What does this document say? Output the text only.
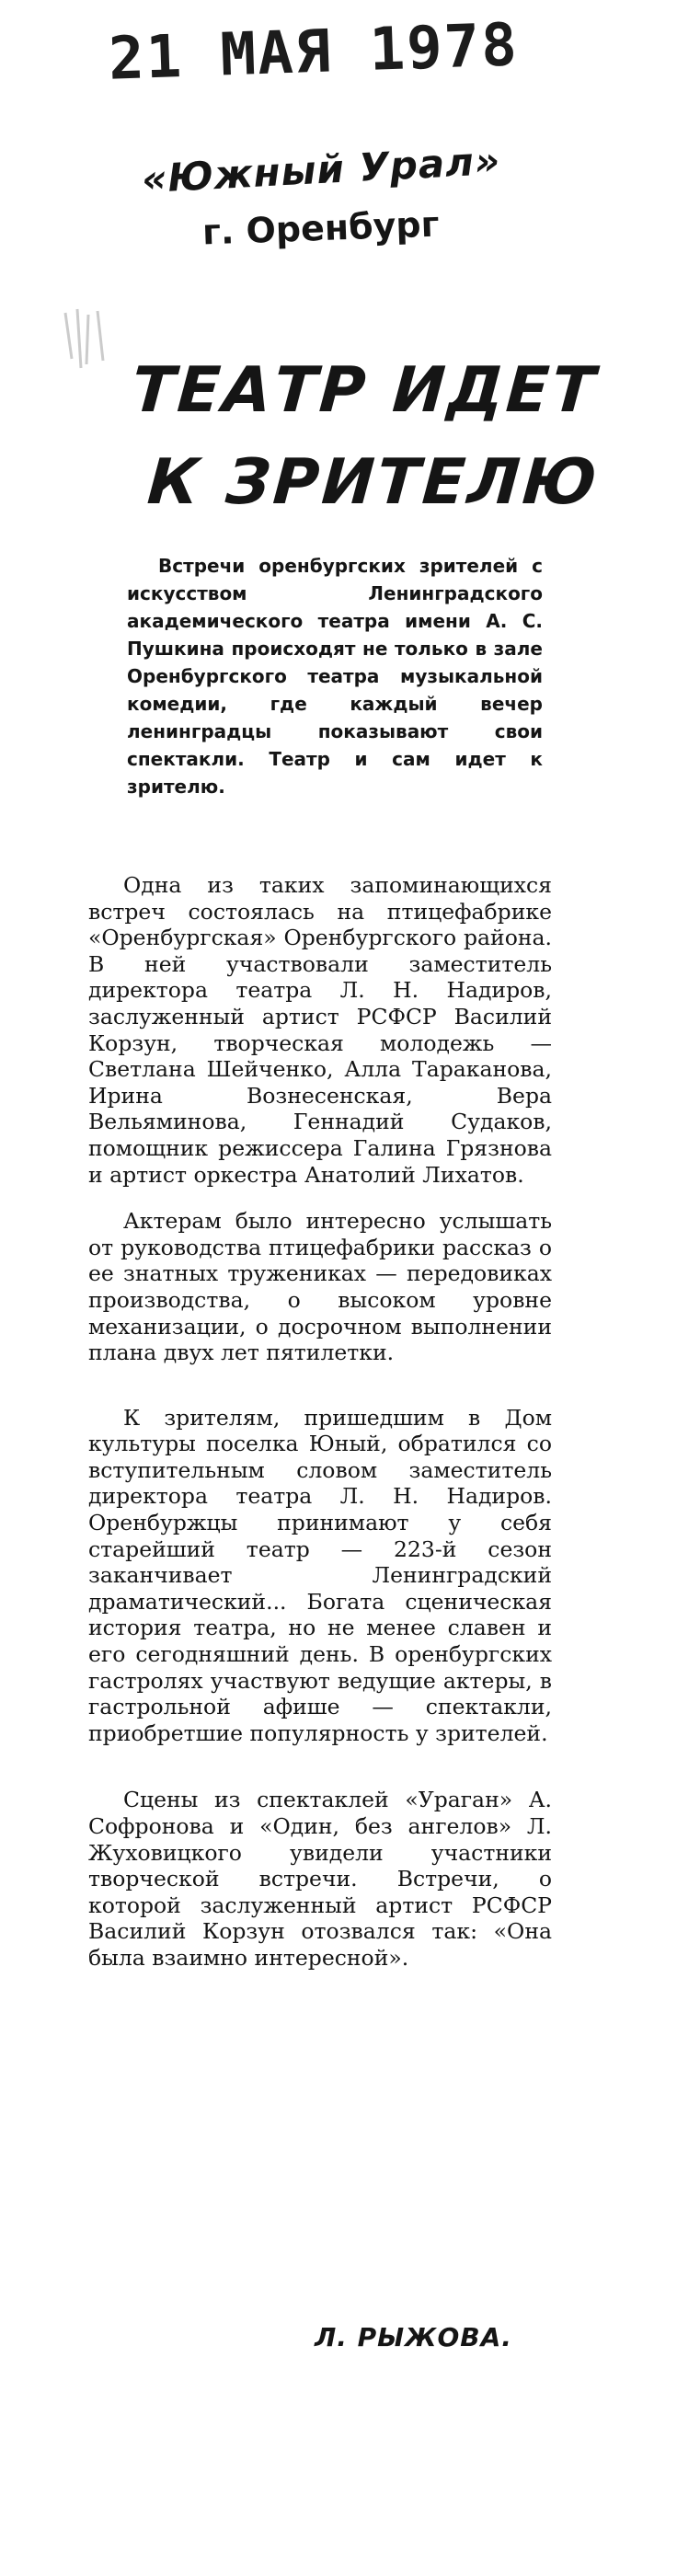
21 МАЯ 1978
«Южный Урал»
г. Оренбург
ТЕАТР ИДЕТ
К ЗРИТЕЛЮ

Встречи оренбургских зрителей с искусством Ленинградского академического театра имени А. С. Пушкина происходят не только в зале Оренбургского театра музыкальной комедии, где каждый вечер ленинградцы показывают свои спектакли. Театр и сам идет к зрителю.

Одна из таких запоминающихся встреч состоялась на птицефабрике «Оренбургская» Оренбургского района. В ней участвовали заместитель директора театра Л. Н. Надиров, заслуженный артист РСФСР Василий Корзун, творческая молодежь — Светлана Шейченко, Алла Тараканова, Ирина Вознесенская, Вера Вельяминова, Геннадий Судаков, помощник режиссера Галина Грязнова и артист оркестра Анатолий Лихатов.

Актерам было интересно услышать от руководства птицефабрики рассказ о ее знатных тружениках — передовиках производства, о высоком уровне механизации, о досрочном выполнении плана двух лет пятилетки.

К зрителям, пришедшим в Дом культуры поселка Юный, обратился со вступительным словом заместитель директора театра Л. Н. Надиров. Оренбуржцы принимают у себя старейший театр — 223-й сезон заканчивает Ленинградский драматический... Богата сценическая история театра, но не менее славен и его сегодняшний день. В оренбургских гастролях участвуют ведущие актеры, в гастрольной афише — спектакли, приобретшие популярность у зрителей.

Сцены из спектаклей «Ураган» А. Софронова и «Один, без ангелов» Л. Жуховицкого увидели участники творческой встречи. Встречи, о которой заслуженный артист РСФСР Василий Корзун отозвался так: «Она была взаимно интересной».

Л. РЫЖОВА.
